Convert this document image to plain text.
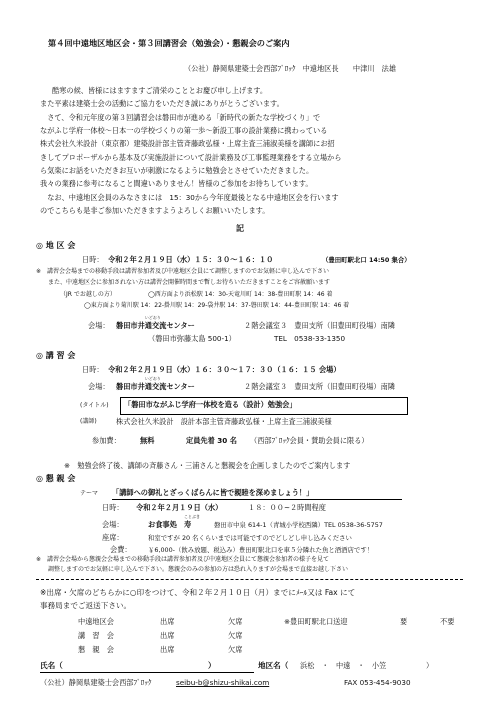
第４回中遠地区地区会・第３回講習会（勉強会）・懇親会のご案内
（公社）静岡県建築士会西部ﾌﾞﾛｯｸ　中遠地区長　　中津川　法雄
酷寒の候、皆様にはますますご清栄のこととお慶び申し上げます。
また平素は建築士会の活動にご協力をいただき誠にありがとうございます。
　さて、令和元年度の第３回講習会は磐田市が進める「新時代の新たな学校づくり」で
ながふじ学府一体校～日本一の学校づくりの第一歩～新設工事の設計業務に携わっている
株式会社久米設計（東京都）建築設計部主管斉藤政弘様・上席主査三浦淑美様を講師にお招
きしてプロポーザルから基本及び実施設計について設計業務及び工事監理業務をする立場から
ら気楽にお話をいただきお互いが刺激になるように勉強会とさせていただきました。
我々の業務に参考になること間違いありません！皆様のご参加をお待ちしています。
　なお、中遠地区会員のみなさまには　15：30から今年度最後となる中遠地区会を行います
のでこちらも是非ご参加いただきますようよろしくお願いいたします。
記
◎ 地 区 会
日時： 令和２年２月１９日（水）１５：３０～１６：１０	（豊田町駅北口 14:50 集合）
※　講習会会場までの移動手段は講習参加者及び中遠地区会員にて調整しますのでお気軽に申し込んで下さい
　　また、中遠地区会に参加されない方は講習会開催時間まで暫しお待ちいただきますことをご容赦願います
（JR でお越しの方）	◯西方面より浜松駅 14：30-天竜川町 14：38-豊田町駅 14：46 着
◯東方面より菊川駅 14：22-掛川駅 14：29-袋井駅 14：37-磐田駅 14：44-豊田町駅 14：46 着
会場： 磐田市井
いどおり
通交流センター	２階会議室３　豊田支所（旧豊田町役場）南隣
（磐田市弥藤太島 500-1）	TEL　0538-33-1350
◎ 講 習 会
日時： 令和２年２月１９日（水）１６：３０～１７：３０（１６：１５ 会場）
会場： 磐田市井
いどおり
通交流センター	２階会議室３　豊田支所（旧豊田町役場）南隣
(タイトル) 「磐田市ながふじ学府一体校を造る（設計）勉強会」
(講師)	株式会社久米設計　設計本部主管斉藤政弘様・上席主査三浦淑美様
参加費：	無料	定員先着 30 名 （西部ﾌﾞﾛｯｸ会員・賛助会員に限る）
※　勉強会終了後、講師の斉藤さん・三浦さんと懇親会を企画しましたのでご案内します
◎ 懇 親 会
テーマ 「講師への御礼とざっくばらんに皆で親睦を深めましょう！」
日時： 令和２年２月１９日（水）	１８：００~２時間程度
会場：	お食事処　
ことぶき
寿	磐田市中泉 614-1（青城小学校西隣）TEL 0538-36-5757
座席：	和室ですが 20 名くらいまでは可能ですのでどしどし申し込みください
会費：	￥6,000-（飲み放題、税込み）豊田町駅北口を車５分隣れた魚と酒酒店です！
※　講習会会場から懇親会会場までの移動手段は講習参加者及び中遠地区会員にて懇親会参加者の様子を見て
　　調整しますのでお気軽に申し込んで下さい。懇親会のみの参加の方は恐れ入りますが会場まで直接お越し下さい
※出席・欠席のどちらかに○印をつけて、令和２年２月１０日（月）までにﾒｰﾙ又は Fax にて
事務局までご返送下さい。
中遠地区会	出席	欠席	※豊田町駅北口送迎	要	不要
講　習　会	出席	欠席
懇　親　会	出席	欠席
氏名（	）	地区名（ 浜松　・　中遠　・　小笠	）
（公社）静岡県建築士会西部ﾌﾞﾛｯｸ	seibu-b@shizu-shikai.com	FAX 053-454-9030
